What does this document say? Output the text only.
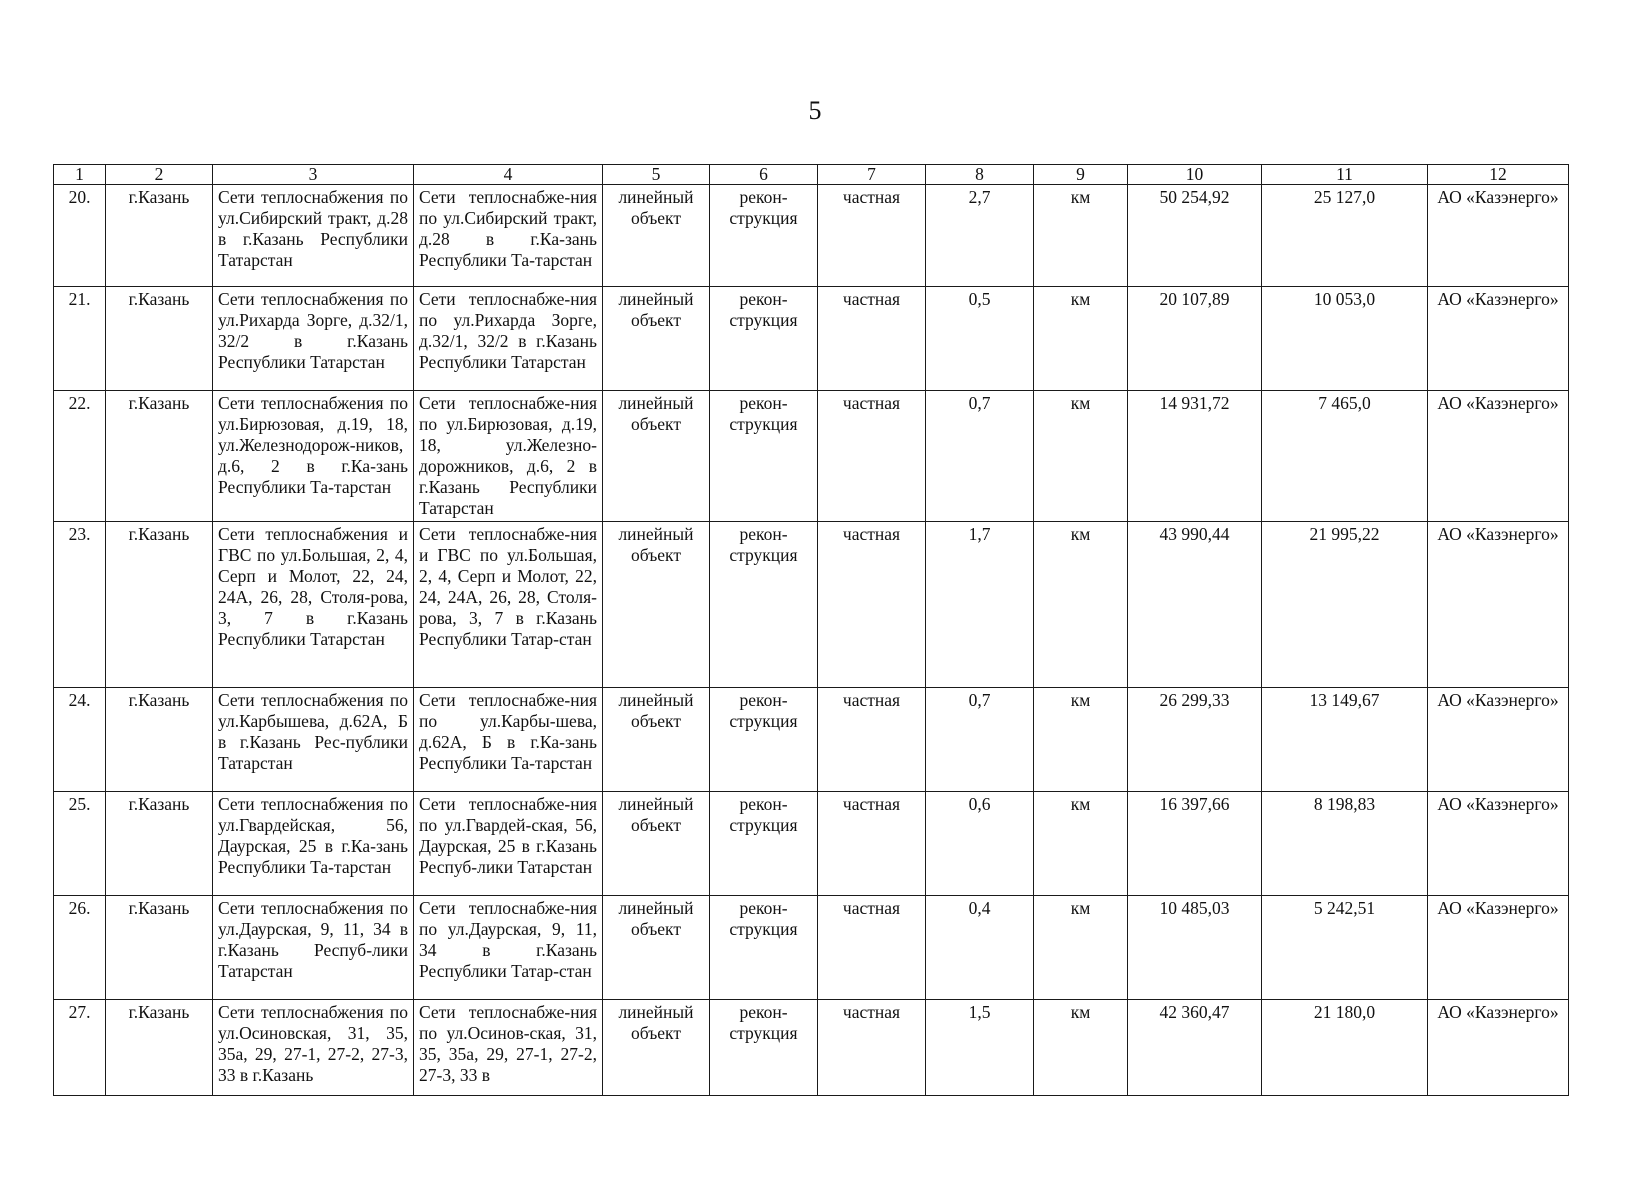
5
1	2	3	4	5	6	7	8	9	10	11	12
20.	г.Казань	Сети теплоснабжения по ул.Сибирский тракт, д.28 в г.Казань Республики Татарстан	Сети теплоснабже-ния по ул.Сибирский тракт, д.28 в г.Ка-зань Республики Та-тарстан	линейный объект	рекон-струкция	частная	2,7	км	50 254,92	25 127,0	АО «Казэнерго»
21.	г.Казань	Сети теплоснабжения по ул.Рихарда Зорге, д.32/1, 32/2 в г.Казань Республики Татарстан	Сети теплоснабже-ния по ул.Рихарда Зорге, д.32/1, 32/2 в г.Казань Республики Татарстан	линейный объект	рекон-струкция	частная	0,5	км	20 107,89	10 053,0	АО «Казэнерго»
22.	г.Казань	Сети теплоснабжения по ул.Бирюзовая, д.19, 18, ул.Железнодорож-ников, д.6, 2 в г.Ка-зань Республики Та-тарстан	Сети теплоснабже-ния по ул.Бирюзовая, д.19, 18, ул.Железно-дорожников, д.6, 2 в г.Казань Республики Татарстан	линейный объект	рекон-струкция	частная	0,7	км	14 931,72	7 465,0	АО «Казэнерго»
23.	г.Казань	Сети теплоснабжения и ГВС по ул.Большая, 2, 4, Серп и Молот, 22, 24, 24А, 26, 28, Столя-рова, 3, 7 в г.Казань Республики Татарстан	Сети теплоснабже-ния и ГВС по ул.Большая, 2, 4, Серп и Молот, 22, 24, 24А, 26, 28, Столя-рова, 3, 7 в г.Казань Республики Татар-стан	линейный объект	рекон-струкция	частная	1,7	км	43 990,44	21 995,22	АО «Казэнерго»
24.	г.Казань	Сети теплоснабжения по ул.Карбышева, д.62А, Б в г.Казань Рес-публики Татарстан	Сети теплоснабже-ния по ул.Карбы-шева, д.62А, Б в г.Ка-зань Республики Та-тарстан	линейный объект	рекон-струкция	частная	0,7	км	26 299,33	13 149,67	АО «Казэнерго»
25.	г.Казань	Сети теплоснабжения по ул.Гвардейская, 56, Даурская, 25 в г.Ка-зань Республики Та-тарстан	Сети теплоснабже-ния по ул.Гвардей-ская, 56, Даурская, 25 в г.Казань Респуб-лики Татарстан	линейный объект	рекон-струкция	частная	0,6	км	16 397,66	8 198,83	АО «Казэнерго»
26.	г.Казань	Сети теплоснабжения по ул.Даурская, 9, 11, 34 в г.Казань Респуб-лики Татарстан	Сети теплоснабже-ния по ул.Даурская, 9, 11, 34 в г.Казань Республики Татар-стан	линейный объект	рекон-струкция	частная	0,4	км	10 485,03	5 242,51	АО «Казэнерго»
27.	г.Казань	Сети теплоснабжения по ул.Осиновская, 31, 35, 35а, 29, 27-1, 27-2, 27-3, 33 в г.Казань	Сети теплоснабже-ния по ул.Осинов-ская, 31, 35, 35а, 29, 27-1, 27-2, 27-3, 33 в	линейный объект	рекон-струкция	частная	1,5	км	42 360,47	21 180,0	АО «Казэнерго»
